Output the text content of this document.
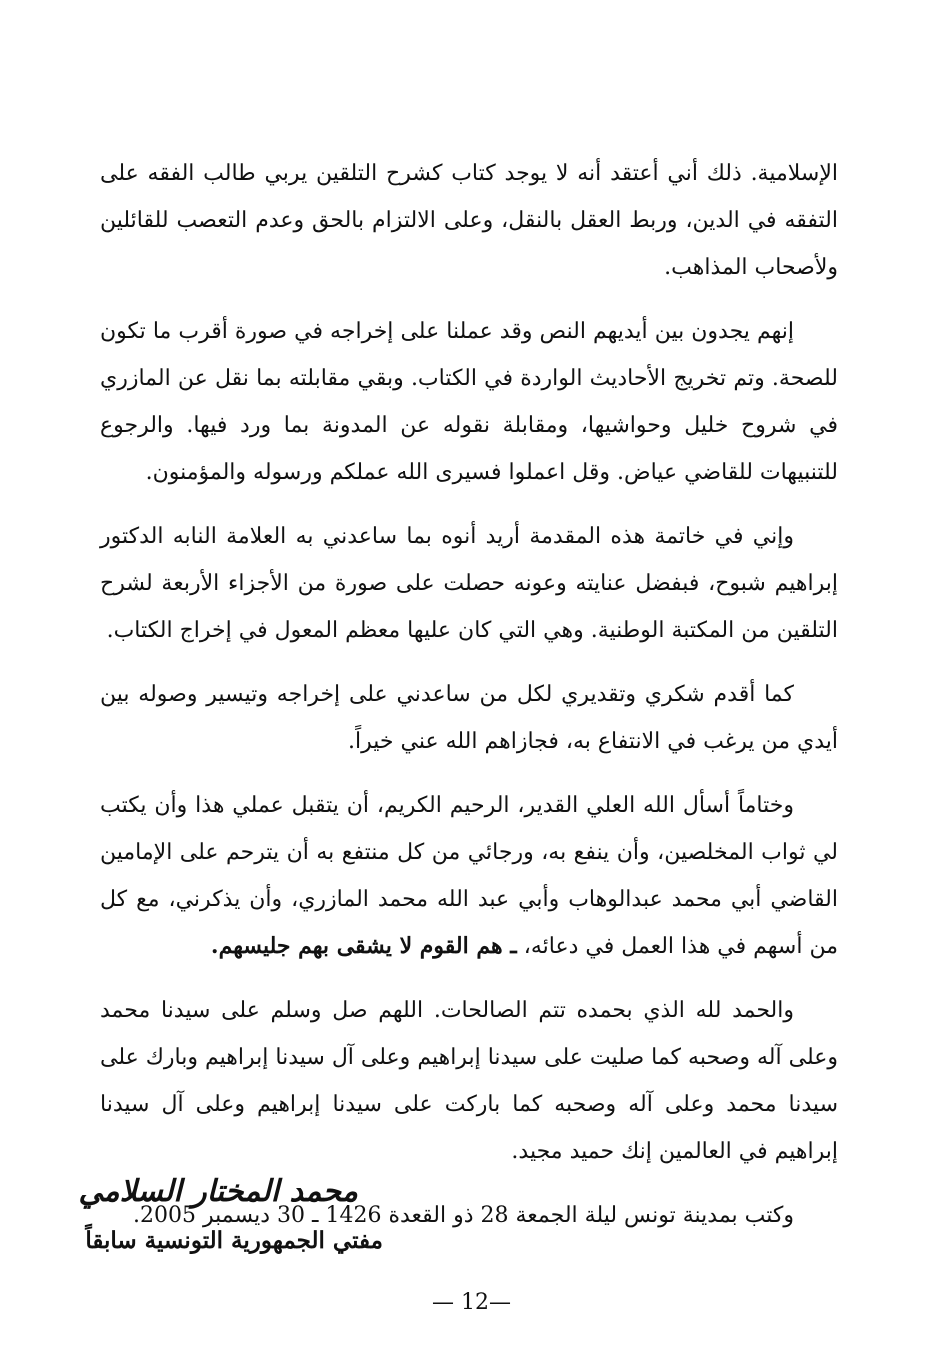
الإسلامية. ذلك أني أعتقد أنه لا يوجد كتاب كشرح التلقين يربي طالب الفقه على التفقه في الدين، وربط العقل بالنقل، وعلى الالتزام بالحق وعدم التعصب للقائلين ولأصحاب المذاهب.

إنهم يجدون بين أيديهم النص وقد عملنا على إخراجه في صورة أقرب ما تكون للصحة. وتم تخريج الأحاديث الواردة في الكتاب. وبقي مقابلته بما نقل عن المازري في شروح خليل وحواشيها، ومقابلة نقوله عن المدونة بما ورد فيها. والرجوع للتنبيهات للقاضي عياض. وقل اعملوا فسيرى الله عملكم ورسوله والمؤمنون.

وإني في خاتمة هذه المقدمة أريد أنوه بما ساعدني به العلامة النابه الدكتور إبراهيم شبوح، فبفضل عنايته وعونه حصلت على صورة من الأجزاء الأربعة لشرح التلقين من المكتبة الوطنية. وهي التي كان عليها معظم المعول في إخراج الكتاب.

كما أقدم شكري وتقديري لكل من ساعدني على إخراجه وتيسير وصوله بين أيدي من يرغب في الانتفاع به، فجازاهم الله عني خيراً.

وختاماً أسأل الله العلي القدير، الرحيم الكريم، أن يتقبل عملي هذا وأن يكتب لي ثواب المخلصين، وأن ينفع به، ورجائي من كل منتفع به أن يترحم على الإمامين القاضي أبي محمد عبدالوهاب وأبي عبد الله محمد المازري، وأن يذكرني، مع كل من أسهم في هذا العمل في دعائه، ـ هم القوم لا يشقى بهم جليسهم.

والحمد لله الذي بحمده تتم الصالحات. اللهم صل وسلم على سيدنا محمد وعلى آله وصحبه كما صليت على سيدنا إبراهيم وعلى آل سيدنا إبراهيم وبارك على سيدنا محمد وعلى آله وصحبه كما باركت على سيدنا إبراهيم وعلى آل سيدنا إبراهيم في العالمين إنك حميد مجيد.

وكتب بمدينة تونس ليلة الجمعة 28 ذو القعدة 1426 ـ 30 ديسمبر 2005.

محمد المختار السلامي
مفتي الجمهورية التونسية سابقاً
— 12—
